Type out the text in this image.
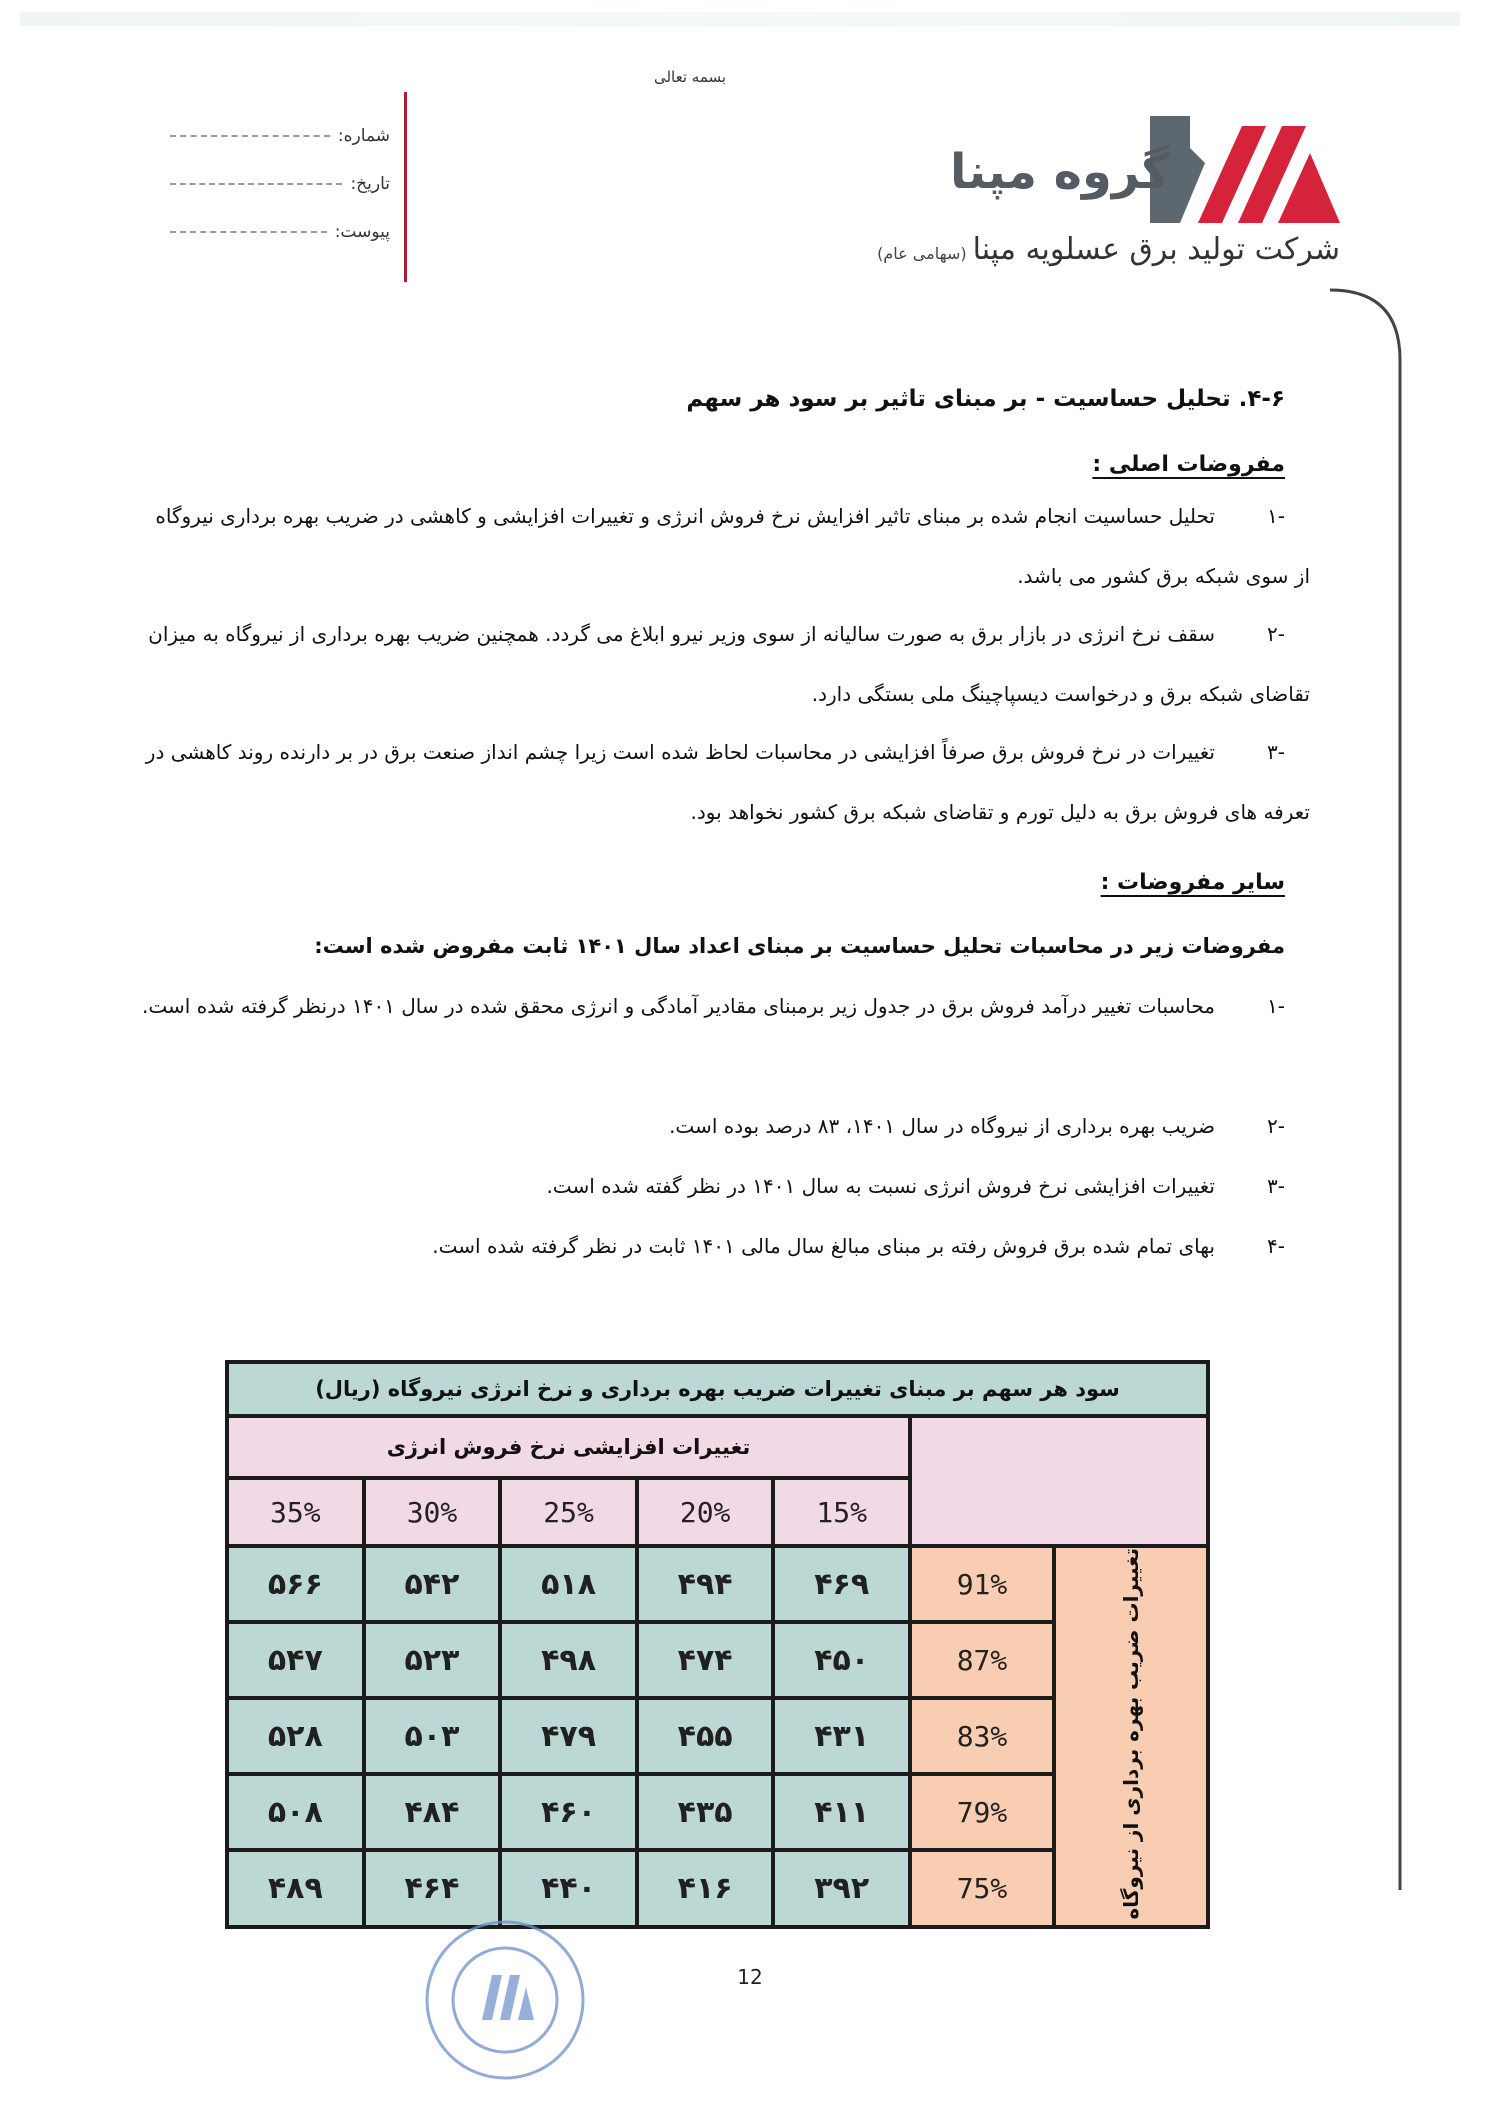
بسمه تعالی
شماره:
تاریخ:
پیوست:
گروه مپنا
شرکت تولید برق عسلویه مپنا(سهامی عام)
۴-۶. تحلیل حساسیت - بر مبنای تاثیر بر سود هر سهم
مفروضات اصلی :
-۱تحلیل حساسیت انجام شده بر مبنای تاثیر افزایش نرخ فروش انرژی و تغییرات افزایشی و کاهشی در ضریب بهره برداری نیروگاه از سوی شبکه برق کشور می باشد.
-۲سقف نرخ انرژی در بازار برق به صورت سالیانه از سوی وزیر نیرو ابلاغ می گردد. همچنین ضریب بهره برداری از نیروگاه به میزان تقاضای شبکه برق و درخواست دیسپاچینگ ملی بستگی دارد.
-۳تغییرات در نرخ فروش برق صرفاً افزایشی در محاسبات لحاظ شده است زیرا چشم انداز صنعت برق در بر دارنده روند کاهشی در تعرفه های فروش برق به دلیل تورم و تقاضای شبکه برق کشور نخواهد بود.
سایر مفروضات :
مفروضات زیر در محاسبات تحلیل حساسیت بر مبنای اعداد سال ۱۴۰۱ ثابت مفروض شده است:
-۱محاسبات تغییر درآمد فروش برق در جدول زیر برمبنای مقادیر آمادگی و انرژی محقق شده در سال ۱۴۰۱ درنظر گرفته شده است.
-۲ضریب بهره برداری از نیروگاه در سال ۱۴۰۱، ۸۳ درصد بوده است.
-۳تغییرات افزایشی نرخ فروش انرژی نسبت به سال ۱۴۰۱ در نظر گفته شده است.
-۴بهای تمام شده برق فروش رفته بر مبنای مبالغ سال مالی ۱۴۰۱ ثابت در نظر گرفته شده است.
سود هر سهم بر مبنای تغییرات ضریب بهره برداری و نرخ انرژی نیروگاه (ریال)						
		تغییرات افزایشی نرخ فروش انرژی				
		15%	20%	25%	30%	35%
تغییرات ضریب بهره برداری از نیروگاه	91%	۴۶۹	۴۹۴	۵۱۸	۵۴۲	۵۶۶
	87%	۴۵۰	۴۷۴	۴۹۸	۵۲۳	۵۴۷
	83%	۴۳۱	۴۵۵	۴۷۹	۵۰۳	۵۲۸
	79%	۴۱۱	۴۳۵	۴۶۰	۴۸۴	۵۰۸
	75%	۳۹۲	۴۱۶	۴۴۰	۴۶۴	۴۸۹
12
